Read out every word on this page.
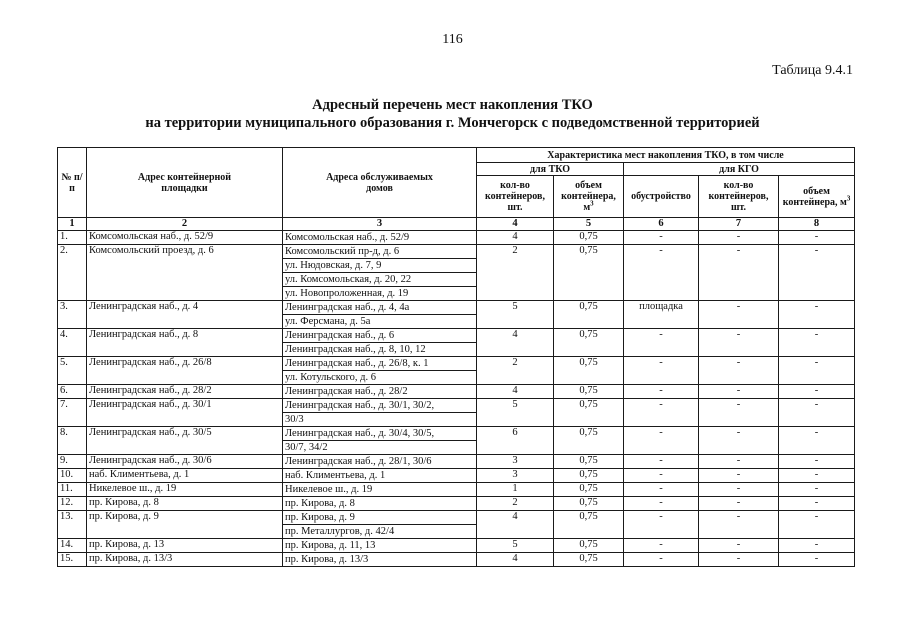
116
Таблица 9.4.1
Адресный перечень мест накопления ТКО
на территории муниципального образования г. Мончегорск с подведомственной территорией
№ п/п	Адрес контейнерной площадки	Адреса обслуживаемых домов	Характеристика мест накопления ТКО, в том числе				
			для ТКО		для КГО		
			кол-во контейнеров, шт.	объем контейнера, $м^3$	обустройство	кол-во контейнеров, шт.	объем контейнера, $м^3$
1	2	3	4	5	6	7	8
1.	Комсомольская наб., д. 52/9	Комсомольская наб., д. 52/9	4	0,75	-	-	-
2.	Комсомольский проезд, д. 6	Комсомольский пр-д, д. 6	2	0,75	-	-	-
		ул. Нюдовская, д. 7, 9					
		ул. Комсомольская, д. 20, 22					
		ул. Новопроложенная, д. 19					
3.	Ленинградская наб., д. 4	Ленинградская наб., д. 4, 4а	5	0,75	площадка	-	-
		ул. Ферсмана, д. 5а					
4.	Ленинградская наб., д. 8	Ленинградская наб., д. 6	4	0,75	-	-	-
		Ленинградская наб., д. 8, 10, 12					
5.	Ленинградская наб., д. 26/8	Ленинградская наб., д. 26/8, к. 1	2	0,75	-	-	-
		ул. Котульского, д. 6					
6.	Ленинградская наб., д. 28/2	Ленинградская наб., д. 28/2	4	0,75	-	-	-
7.	Ленинградская наб., д. 30/1	Ленинградская наб., д. 30/1, 30/2,	5	0,75	-	-	-
		30/3					
8.	Ленинградская наб., д. 30/5	Ленинградская наб., д. 30/4, 30/5,	6	0,75	-	-	-
		30/7, 34/2					
9.	Ленинградская наб., д. 30/6	Ленинградская наб., д. 28/1, 30/6	3	0,75	-	-	-
10.	наб. Климентьева, д. 1	наб. Климентьева, д. 1	3	0,75	-	-	-
11.	Никелевое ш., д. 19	Никелевое ш., д. 19	1	0,75	-	-	-
12.	пр. Кирова, д. 8	пр. Кирова, д. 8	2	0,75	-	-	-
13.	пр. Кирова, д. 9	пр. Кирова, д. 9	4	0,75	-	-	-
		пр. Металлургов, д. 42/4					
14.	пр. Кирова, д. 13	пр. Кирова, д. 11, 13	5	0,75	-	-	-
15.	пр. Кирова, д. 13/3	пр. Кирова, д. 13/3	4	0,75	-	-	-
